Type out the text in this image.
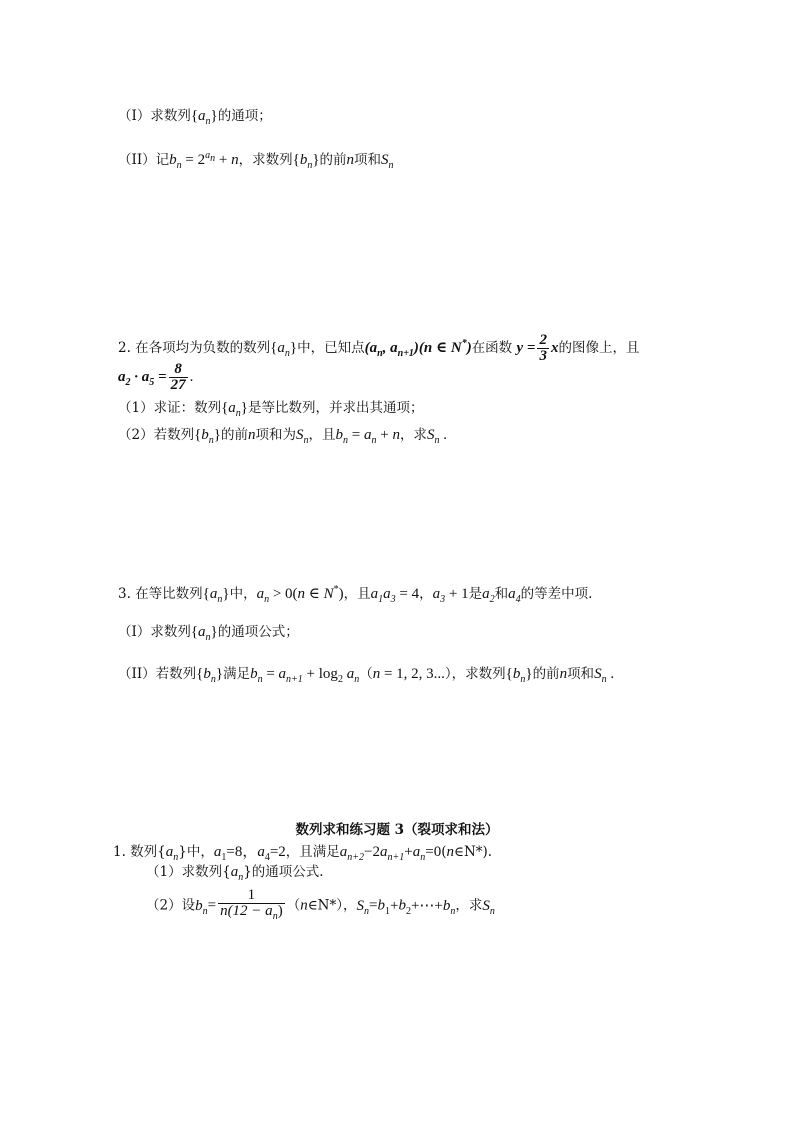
（I）求数列$\{a_n\}$的通项；
（II）记$b_n = 2^{a_n} + n$，求数列$\{b_n\}$的前n项和$S_n$
2. 在各项均为负数的数列$\{a_n\}$中，已知点($a_n$, $a_{n+1})(n$ ∈ N*)在函数 $y = \frac{2}{3}$ x的图像上，且
$a_2 \cdot a_5 = \frac{8}{27}$ .
（1）求证：数列$\{a_n\}$是等比数列，并求出其通项；
（2）若数列$\{b_n\}$的前n项和为$S_n$，且$b_n = a_n + n$，求$S_n$ .
3. 在等比数列$\{a_n\}$中，$a_n > 0(n$ ∈ N*)，且$a_1a_3 = 4$，$a_3 + 1$是$a_2$和$a_4$的等差中项.
（I）求数列$\{a_n\}$的通项公式；
（II）若数列$\{b_n\}$满足$b_n = a_{n+1} + \log_2 a_n(n = 1$, 2, 3...），求数列$\{b_n\}$的前n项和$S_n$ .
数列求和练习题 3（裂项求和法）
1. 数列$\{a_n\}$中，$a_1=8$，$a_4=2$，且满足$a_{n+2}-2a_{n+1}+a_n=0(n\in N*)$.
（1）求数列$\{a_n\}$的通项公式.
（2）设$b_n= \frac{1}{n(12 - a_n)}$ （n∈N*），$S_n=b_1+b_2+\cdots+b_n$，求$S_n$
